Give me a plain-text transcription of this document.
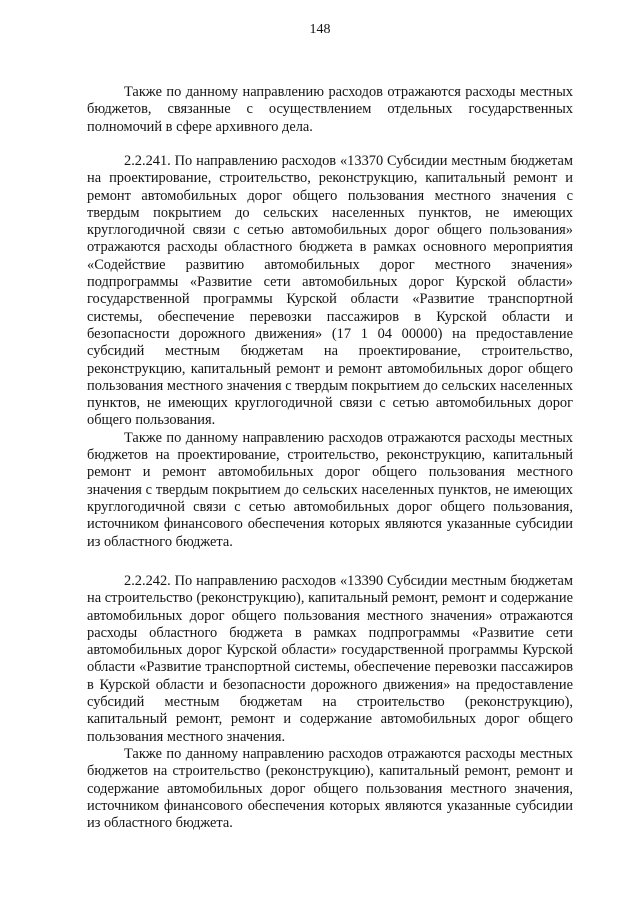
148

Также по данному направлению расходов отражаются расходы местных бюджетов, связанные с осуществлением отдельных государственных полномочий в сфере архивного дела.

2.2.241. По направлению расходов «13370 Субсидии местным бюджетам на проектирование, строительство, реконструкцию, капитальный ремонт и ремонт автомобильных дорог общего пользования местного значения с твердым покрытием до сельских населенных пунктов, не имеющих круглогодичной связи с сетью автомобильных дорог общего пользования» отражаются расходы областного бюджета в рамках основного мероприятия «Содействие развитию автомобильных дорог местного значения» подпрограммы «Развитие сети автомобильных дорог Курской области» государственной программы Курской области «Развитие транспортной системы, обеспечение перевозки пассажиров в Курской области и безопасности дорожного движения» (17 1 04 00000) на предоставление субсидий местным бюджетам на проектирование, строительство, реконструкцию, капитальный ремонт и ремонт автомобильных дорог общего пользования местного значения с твердым покрытием до сельских населенных пунктов, не имеющих круглогодичной связи с сетью автомобильных дорог общего пользования.

Также по данному направлению расходов отражаются расходы местных бюджетов на проектирование, строительство, реконструкцию, капитальный ремонт и ремонт автомобильных дорог общего пользования местного значения с твердым покрытием до сельских населенных пунктов, не имеющих круглогодичной связи с сетью автомобильных дорог общего пользования, источником финансового обеспечения которых являются указанные субсидии из областного бюджета.

2.2.242. По направлению расходов «13390 Субсидии местным бюджетам на строительство (реконструкцию), капитальный ремонт, ремонт и содержание автомобильных дорог общего пользования местного значения» отражаются расходы областного бюджета в рамках подпрограммы «Развитие сети автомобильных дорог Курской области» государственной программы Курской области «Развитие транспортной системы, обеспечение перевозки пассажиров в Курской области и безопасности дорожного движения» на предоставление субсидий местным бюджетам на строительство (реконструкцию), капитальный ремонт, ремонт и содержание автомобильных дорог общего пользования местного значения.

Также по данному направлению расходов отражаются расходы местных бюджетов на строительство (реконструкцию), капитальный ремонт, ремонт и содержание автомобильных дорог общего пользования местного значения, источником финансового обеспечения которых являются указанные субсидии из областного бюджета.
